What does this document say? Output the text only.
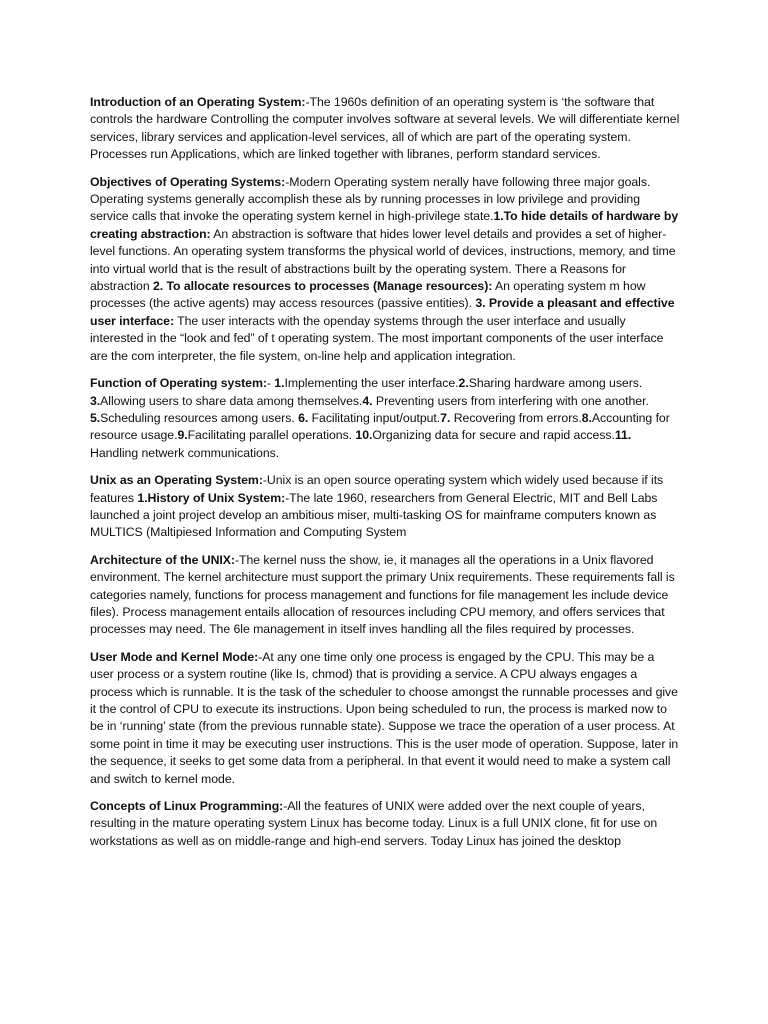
Introduction of an Operating System:-The 1960s definition of an operating system is ‘the software that controls the hardware Controlling the computer involves software at several levels. We will differentiate kernel services, library services and application-level services, all of which are part of the operating system. Processes run Applications, which are linked together with libranes, perform standard services.

Objectives of Operating Systems:-Modern Operating system nerally have following three major goals. Operating systems generally accomplish these als by running processes in low privilege and providing service calls that invoke the operating system kernel in high-privilege state.1.To hide details of hardware by creating abstraction: An abstraction is software that hides lower level details and provides a set of higher-level functions. An operating system transforms the physical world of devices, instructions, memory, and time into virtual world that is the result of abstractions built by the operating system. There a Reasons for abstraction 2. To allocate resources to processes (Manage resources): An operating system m how processes (the active agents) may access resources (passive entities). 3. Provide a pleasant and effective user interface: The user interacts with the openday systems through the user interface and usually interested in the “look and fed” of t operating system. The most important components of the user interface are the com interpreter, the file system, on-line help and application integration.

Function of Operating system:- 1.Implementing the user interface.2.Sharing hardware among users. 3.Allowing users to share data among themselves.4. Preventing users from interfering with one another. 5.Scheduling resources among users. 6. Facilitating input/output.7. Recovering from errors.8.Accounting for resource usage.9.Facilitating parallel operations. 10.Organizing data for secure and rapid access.11. Handling netwerk communications.

Unix as an Operating System:-Unix is an open source operating system which widely used because if its features 1.History of Unix System:-The late 1960, researchers from General Electric, MIT and Bell Labs launched a joint project develop an ambitious miser, multi-tasking OS for mainframe computers known as MULTICS (Maltipiesed Information and Computing System

Architecture of the UNIX:-The kernel nuss the show, ie, it manages all the operations in a Unix flavored environment. The kernel architecture must support the primary Unix requirements. These requirements fall is categories namely, functions for process management and functions for file management les include device files). Process management entails allocation of resources including CPU memory, and offers services that processes may need. The 6le management in itself inves handling all the files required by processes.

User Mode and Kernel Mode:-At any one time only one process is engaged by the CPU. This may be a user process or a system routine (like Is, chmod) that is providing a service. A CPU always engages a process which is runnable. It is the task of the scheduler to choose amongst the runnable processes and give it the control of CPU to execute its instructions. Upon being scheduled to run, the process is marked now to be in ‘running’ state (from the previous runnable state). Suppose we trace the operation of a user process. At some point in time it may be executing user instructions. This is the user mode of operation. Suppose, later in the sequence, it seeks to get some data from a peripheral. In that event it would need to make a system call and switch to kernel mode.

Concepts of Linux Programming:-All the features of UNIX were added over the next couple of years, resulting in the mature operating system Linux has become today. Linux is a full UNIX clone, fit for use on workstations as well as on middle-range and high-end servers. Today Linux has joined the desktop
